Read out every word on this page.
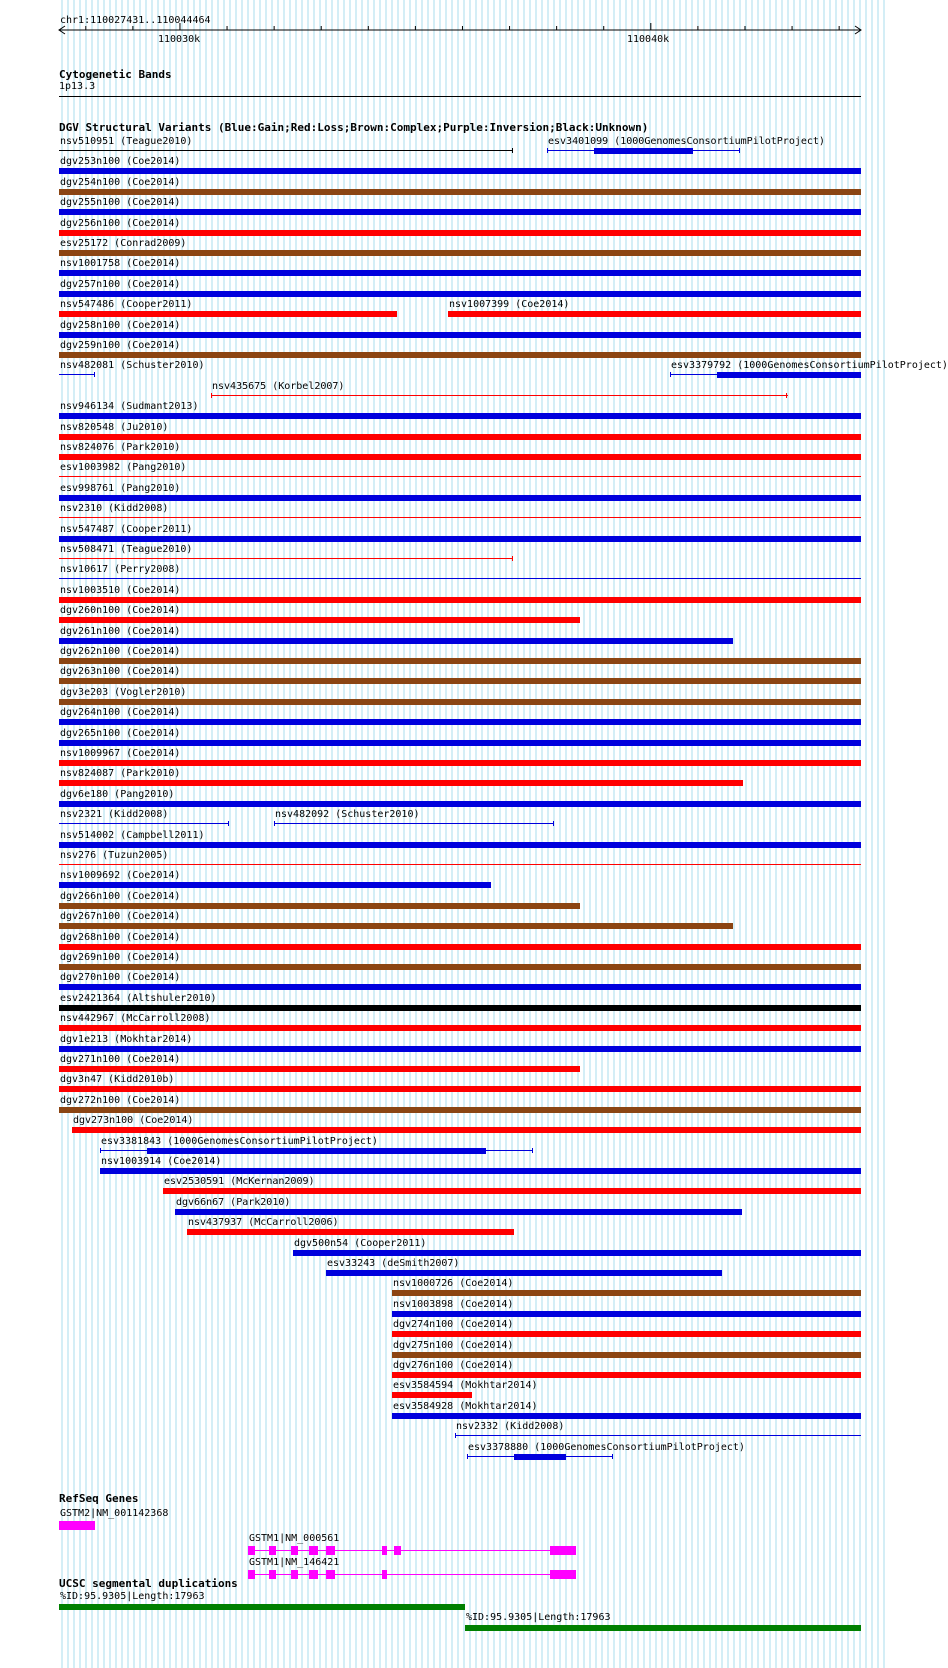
chr1:110027431..110044464
110030k	110040k
Cytogenetic Bands
1p13.3
DGV Structural Variants (Blue:Gain;Red:Loss;Brown:Complex;Purple:Inversion;Black:Unknown)
RefSeq Genes
UCSC segmental duplications
nsv510951 (Teague2010)	esv3401099 (1000GenomesConsortiumPilotProject)
dgv253n100 (Coe2014)
dgv254n100 (Coe2014)
dgv255n100 (Coe2014)
dgv256n100 (Coe2014)
esv25172 (Conrad2009)
nsv1001758 (Coe2014)
dgv257n100 (Coe2014)
nsv547486 (Cooper2011)	nsv1007399 (Coe2014)
dgv258n100 (Coe2014)
dgv259n100 (Coe2014)
nsv482081 (Schuster2010)
nsv435675 (Korbel2007)
nsv946134 (Sudmant2013)
nsv820548 (Ju2010)
nsv824076 (Park2010)
esv1003982 (Pang2010)
esv998761 (Pang2010)
nsv2310 (Kidd2008)
nsv547487 (Cooper2011)
nsv508471 (Teague2010)
esv3379792 (1000GenomesConsortiumPilotProject)
nsv10617 (Perry2008)
nsv1003510 (Coe2014)
dgv260n100 (Coe2014)
dgv261n100 (Coe2014)
dgv262n100 (Coe2014)
dgv263n100 (Coe2014)
dgv3e203 (Vogler2010)
dgv264n100 (Coe2014)
dgv265n100 (Coe2014)
nsv1009967 (Coe2014)
nsv824087 (Park2010)
dgv6e180 (Pang2010)
nsv2321 (Kidd2008)	nsv482092 (Schuster2010)
nsv514002 (Campbell2011)
nsv276 (Tuzun2005)
nsv1009692 (Coe2014)
dgv266n100 (Coe2014)
dgv267n100 (Coe2014)
dgv268n100 (Coe2014)
dgv269n100 (Coe2014)
dgv270n100 (Coe2014)
esv2421364 (Altshuler2010)
nsv442967 (McCarroll2008)
dgv1e213 (Mokhtar2014)
dgv271n100 (Coe2014)
dgv3n47 (Kidd2010b)
dgv272n100 (Coe2014)
dgv273n100 (Coe2014)
esv3381843 (1000GenomesConsortiumPilotProject)
nsv1003914 (Coe2014)
esv2530591 (McKernan2009)
dgv66n67 (Park2010)
nsv437937 (McCarroll2006)
dgv500n54 (Cooper2011)
esv33243 (deSmith2007)
nsv1000726 (Coe2014)
nsv1003898 (Coe2014)
dgv274n100 (Coe2014)
dgv275n100 (Coe2014)
dgv276n100 (Coe2014)
esv3584594 (Mokhtar2014)
esv3584928 (Mokhtar2014)
nsv2332 (Kidd2008)
esv3378880 (1000GenomesConsortiumPilotProject)
GSTM2|NM_001142368
GSTM1|NM_000561
GSTM1|NM_146421
%ID:95.9305|Length:17963
%ID:95.9305|Length:17963
